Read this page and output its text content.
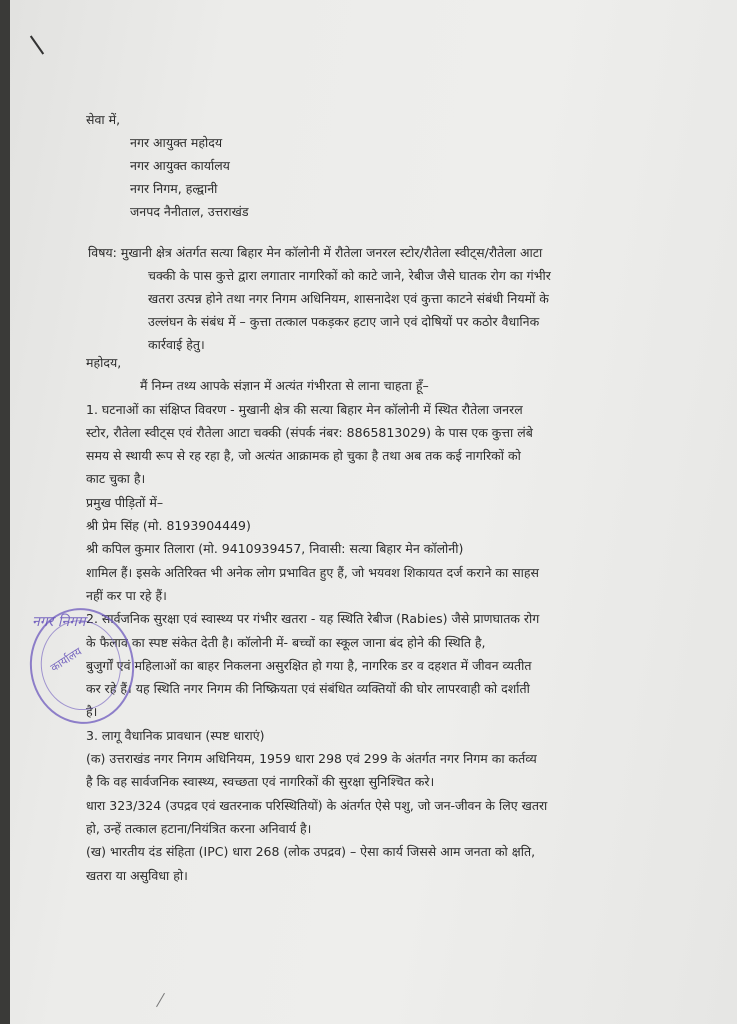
सेवा में,
नगर आयुक्त महोदय
नगर आयुक्त कार्यालय
नगर निगम, हल्द्वानी
जनपद नैनीताल, उत्तराखंड
विषय: मुखानी क्षेत्र अंतर्गत सत्या बिहार मेन कॉलोनी में रौतेला जनरल स्टोर/रौतेला स्वीट्स/रौतेला आटा
चक्की के पास कुत्ते द्वारा लगातार नागरिकों को काटे जाने, रेबीज जैसे घातक रोग का गंभीर
खतरा उत्पन्न होने तथा नगर निगम अधिनियम, शासनादेश एवं कुत्ता काटने संबंधी नियमों के
उल्लंघन के संबंध में – कुत्ता तत्काल पकड़कर हटाए जाने एवं दोषियों पर कठोर वैधानिक
कार्रवाई हेतु।
महोदय,
मैं निम्न तथ्य आपके संज्ञान में अत्यंत गंभीरता से लाना चाहता हूँ–
1. घटनाओं का संक्षिप्त विवरण - मुखानी क्षेत्र की सत्या बिहार मेन कॉलोनी में स्थित रौतेला जनरल
स्टोर, रौतेला स्वीट्स एवं रौतेला आटा चक्की (संपर्क नंबर: 8865813029) के पास एक कुत्ता लंबे
समय से स्थायी रूप से रह रहा है, जो अत्यंत आक्रामक हो चुका है तथा अब तक कई नागरिकों को
काट चुका है।
प्रमुख पीड़ितों में–
श्री प्रेम सिंह (मो. 8193904449)
श्री कपिल कुमार तिलारा (मो. 9410939457, निवासी: सत्या बिहार मेन कॉलोनी)
शामिल हैं। इसके अतिरिक्त भी अनेक लोग प्रभावित हुए हैं, जो भयवश शिकायत दर्ज कराने का साहस
नहीं कर पा रहे हैं।
2. सार्वजनिक सुरक्षा एवं स्वास्थ्य पर गंभीर खतरा - यह स्थिति रेबीज (Rabies) जैसे प्राणघातक रोग
के फैलाव का स्पष्ट संकेत देती है। कॉलोनी में- बच्चों का स्कूल जाना बंद होने की स्थिति है,
बुजुर्गों एवं महिलाओं का बाहर निकलना असुरक्षित हो गया है, नागरिक डर व दहशत में जीवन व्यतीत
कर रहे हैं। यह स्थिति नगर निगम की निष्क्रियता एवं संबंधित व्यक्तियों की घोर लापरवाही को दर्शाती
है।
3. लागू वैधानिक प्रावधान (स्पष्ट धाराएं)
(क) उत्तराखंड नगर निगम अधिनियम, 1959 धारा 298 एवं 299 के अंतर्गत नगर निगम का कर्तव्य
है कि वह सार्वजनिक स्वास्थ्य, स्वच्छता एवं नागरिकों की सुरक्षा सुनिश्चित करे।
धारा 323/324 (उपद्रव एवं खतरनाक परिस्थितियों) के अंतर्गत ऐसे पशु, जो जन-जीवन के लिए खतरा
हो, उन्हें तत्काल हटाना/नियंत्रित करना अनिवार्य है।
(ख) भारतीय दंड संहिता (IPC) धारा 268 (लोक उपद्रव) – ऐसा कार्य जिससे आम जनता को क्षति,
खतरा या असुविधा हो।
कार्यालय
नगर निगम
